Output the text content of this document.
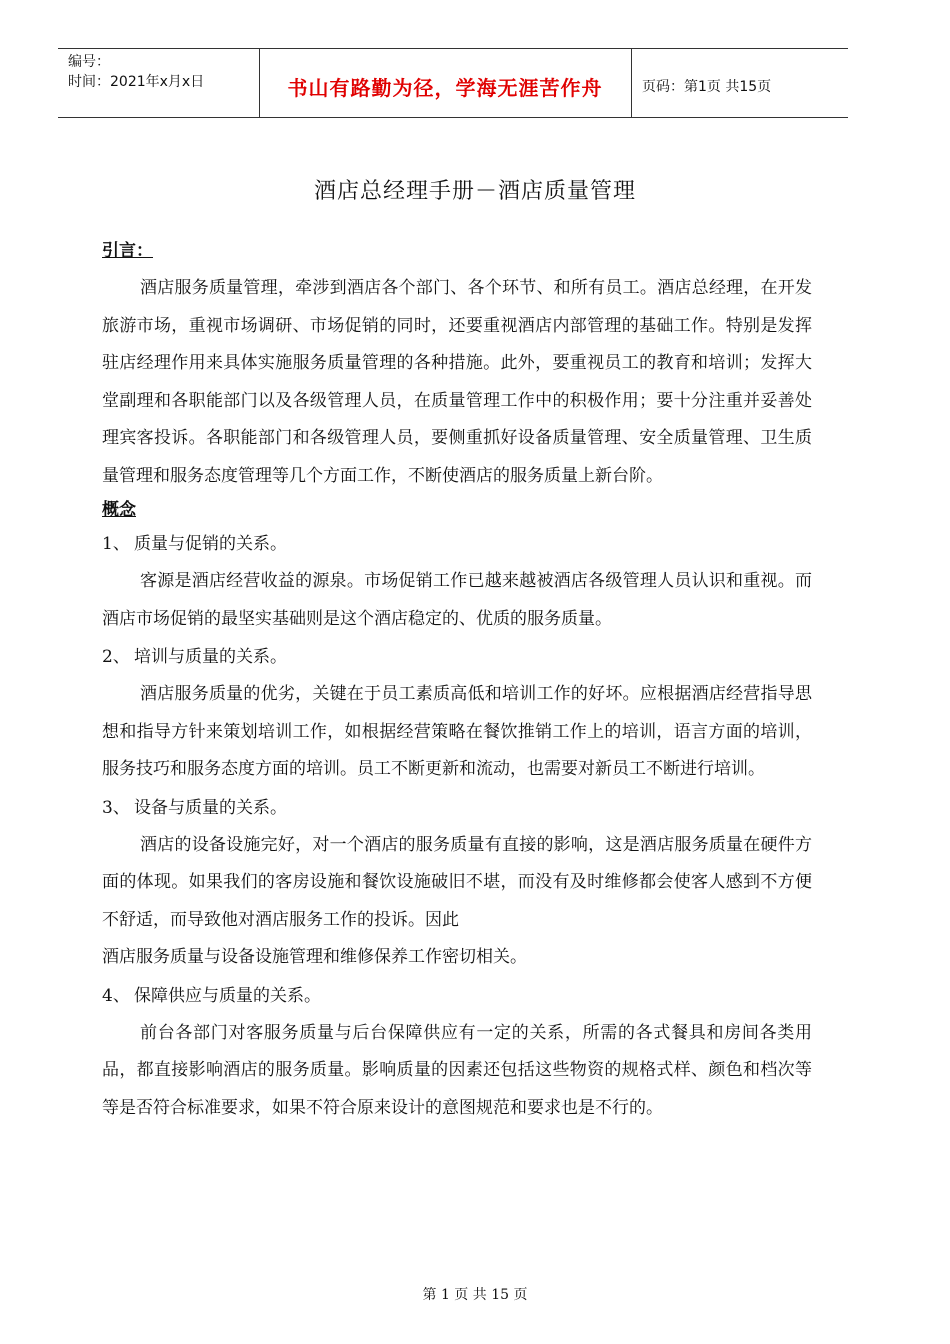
编号：
时间：2021年x月x日	书山有路勤为径，学海无涯苦作舟	页码：第1页 共15页
酒店总经理手册－酒店质量管理
引言：
酒店服务质量管理，牵涉到酒店各个部门、各个环节、和所有员工。酒店总经理，在开发旅游市场，重视市场调研、市场促销的同时，还要重视酒店内部管理的基础工作。特别是发挥驻店经理作用来具体实施服务质量管理的各种措施。此外，要重视员工的教育和培训；发挥大堂副理和各职能部门以及各级管理人员，在质量管理工作中的积极作用；要十分注重并妥善处理宾客投诉。各职能部门和各级管理人员，要侧重抓好设备质量管理、安全质量管理、卫生质量管理和服务态度管理等几个方面工作，不断使酒店的服务质量上新台阶。
概念
1、 质量与促销的关系。
客源是酒店经营收益的源泉。市场促销工作已越来越被酒店各级管理人员认识和重视。而酒店市场促销的最坚实基础则是这个酒店稳定的、优质的服务质量。
2、 培训与质量的关系。
酒店服务质量的优劣，关键在于员工素质高低和培训工作的好坏。应根据酒店经营指导思想和指导方针来策划培训工作，如根据经营策略在餐饮推销工作上的培训，语言方面的培训，服务技巧和服务态度方面的培训。员工不断更新和流动，也需要对新员工不断进行培训。
3、 设备与质量的关系。
酒店的设备设施完好，对一个酒店的服务质量有直接的影响，这是酒店服务质量在硬件方面的体现。如果我们的客房设施和餐饮设施破旧不堪，而没有及时维修都会使客人感到不方便不舒适，而导致他对酒店服务工作的投诉。因此
酒店服务质量与设备设施管理和维修保养工作密切相关。
4、 保障供应与质量的关系。
前台各部门对客服务质量与后台保障供应有一定的关系，所需的各式餐具和房间各类用品，都直接影响酒店的服务质量。影响质量的因素还包括这些物资的规格式样、颜色和档次等等是否符合标准要求，如果不符合原来设计的意图规范和要求也是不行的。
第 1 页 共 15 页
